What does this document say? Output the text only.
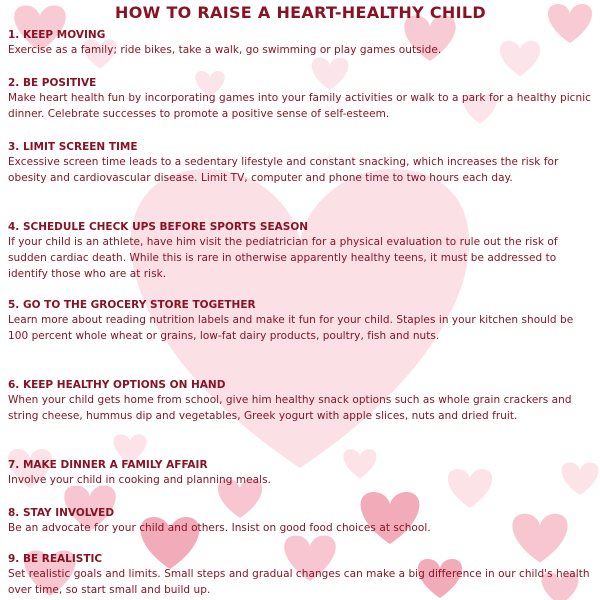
HOW TO RAISE A HEART-HEALTHY CHILD
1. KEEP MOVING
Exercise as a family; ride bikes, take a walk, go swimming or play games outside.
2. BE POSITIVE
Make heart health fun by incorporating games into your family activities or walk to a park for a healthy picnic dinner. Celebrate successes to promote a positive sense of self-esteem.
3. LIMIT SCREEN TIME
Excessive screen time leads to a sedentary lifestyle and constant snacking, which increases the risk for obesity and cardiovascular disease. Limit TV, computer and phone time to two hours each day.
4. SCHEDULE CHECK UPS BEFORE SPORTS SEASON
If your child is an athlete, have him visit the pediatrician for a physical evaluation to rule out the risk of sudden cardiac death. While this is rare in otherwise apparently healthy teens, it must be addressed to identify those who are at risk.
5. GO TO THE GROCERY STORE TOGETHER
Learn more about reading nutrition labels and make it fun for your child. Staples in your kitchen should be 100 percent whole wheat or grains, low-fat dairy products, poultry, fish and nuts.
6. KEEP HEALTHY OPTIONS ON HAND
When your child gets home from school, give him healthy snack options such as whole grain crackers and string cheese, hummus dip and vegetables, Greek yogurt with apple slices, nuts and dried fruit.
7. MAKE DINNER A FAMILY AFFAIR
Involve your child in cooking and planning meals.
8. STAY INVOLVED
Be an advocate for your child and others. Insist on good food choices at school.
9. BE REALISTIC
Set realistic goals and limits. Small steps and gradual changes can make a big difference in our child's health over time, so start small and build up.
